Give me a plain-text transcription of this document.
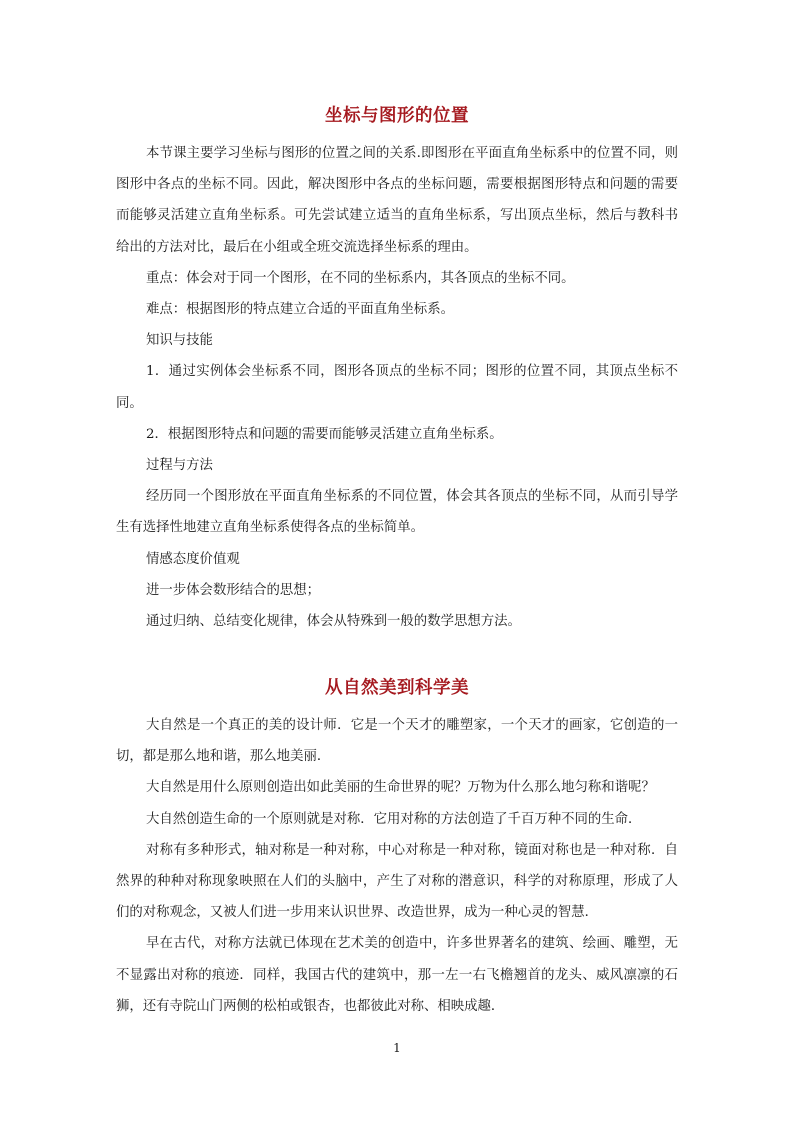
坐标与图形的位置

本节课主要学习坐标与图形的位置之间的关系.即图形在平面直角坐标系中的位置不同，则图形中各点的坐标不同。因此，解决图形中各点的坐标问题，需要根据图形特点和问题的需要而能够灵活建立直角坐标系。可先尝试建立适当的直角坐标系，写出顶点坐标，然后与教科书给出的方法对比，最后在小组或全班交流选择坐标系的理由。

重点：体会对于同一个图形，在不同的坐标系内，其各顶点的坐标不同。

难点：根据图形的特点建立合适的平面直角坐标系。

知识与技能

1．通过实例体会坐标系不同，图形各顶点的坐标不同；图形的位置不同，其顶点坐标不同。

2．根据图形特点和问题的需要而能够灵活建立直角坐标系。

过程与方法

经历同一个图形放在平面直角坐标系的不同位置，体会其各顶点的坐标不同，从而引导学生有选择性地建立直角坐标系使得各点的坐标简单。

情感态度价值观

进一步体会数形结合的思想；

通过归纳、总结变化规律，体会从特殊到一般的数学思想方法。

从自然美到科学美

大自然是一个真正的美的设计师．它是一个天才的雕塑家，一个天才的画家，它创造的一切，都是那么地和谐，那么地美丽．

大自然是用什么原则创造出如此美丽的生命世界的呢？万物为什么那么地匀称和谐呢？

大自然创造生命的一个原则就是对称．它用对称的方法创造了千百万种不同的生命．

对称有多种形式，轴对称是一种对称，中心对称是一种对称，镜面对称也是一种对称．自然界的种种对称现象映照在人们的头脑中，产生了对称的潜意识，科学的对称原理，形成了人们的对称观念，又被人们进一步用来认识世界、改造世界，成为一种心灵的智慧．

早在古代，对称方法就已体现在艺术美的创造中，许多世界著名的建筑、绘画、雕塑，无不显露出对称的痕迹．同样，我国古代的建筑中，那一左一右飞檐翘首的龙头、威风凛凛的石狮，还有寺院山门两侧的松柏或银杏，也都彼此对称、相映成趣．

1
